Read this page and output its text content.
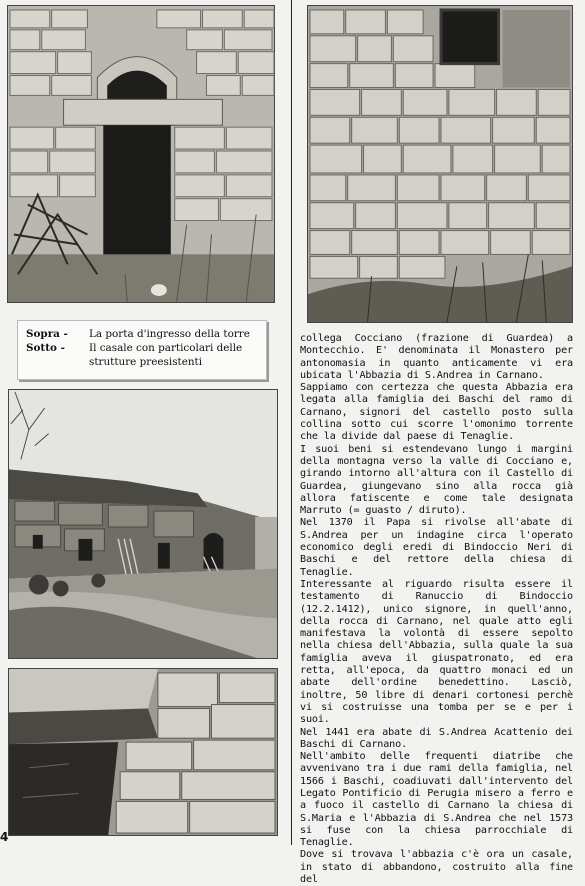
Sopra -	La porta d'ingresso della torre
Sotto -	Il casale con particolari delle strutture preesistenti

collega Cocciano (frazione di Guardea) a Montecchio. E' denominata il Monastero per antonomasia in quanto anticamente vi era ubicata l'Abbazia di S.Andrea in Carnano.

Sappiamo con certezza che questa Abbazia era legata alla famiglia dei Baschi del ramo di Carnano, signori del castello posto sulla collina sotto cui scorre l'omonimo torrente che la divide dal paese di Tenaglie.

I suoi beni si estendevano lungo i margini della montagna verso la valle di Cocciano e, girando intorno all'altura con il Castello di Guardea, giungevano sino alla rocca già allora fatiscente e come tale designata Marruto (= guasto / diruto).

Nel 1370 il Papa si rivolse all'abate di S.Andrea per un indagine circa l'operato economico degli eredi di Bindoccio Neri di Baschi e del rettore della chiesa di Tenaglie.

Interessante al riguardo risulta essere il testamento di Ranuccio di Bindoccio (12.2.1412), unico signore, in quell'anno, della rocca di Carnano, nel quale atto egli manifestava la volontà di essere sepolto nella chiesa dell'Abbazia, sulla quale la sua famiglia aveva il giuspatronato, ed era retta, all'epoca, da quattro monaci ed un abate dell'ordine benedettino. Lasciò, inoltre, 50 libre di denari cortonesi perchè vi si costruisse una tomba per se e per i suoi.

Nel 1441 era abate di S.Andrea Acattenio dei Baschi di Carnano.

Nell'ambito delle frequenti diatribe che avvenivano tra i due rami della famiglia, nel 1566 i Baschi, coadiuvati dall'intervento del Legato Pontificio di Perugia misero a ferro e a fuoco il castello di Carnano la chiesa di S.Maria e l'Abbazia di S.Andrea che nel 1573 si fuse con la chiesa parrocchiale di Tenaglie.

Dove si trovava l'abbazia c'è ora un casale, in stato di abbandono, costruito alla fine del

4
